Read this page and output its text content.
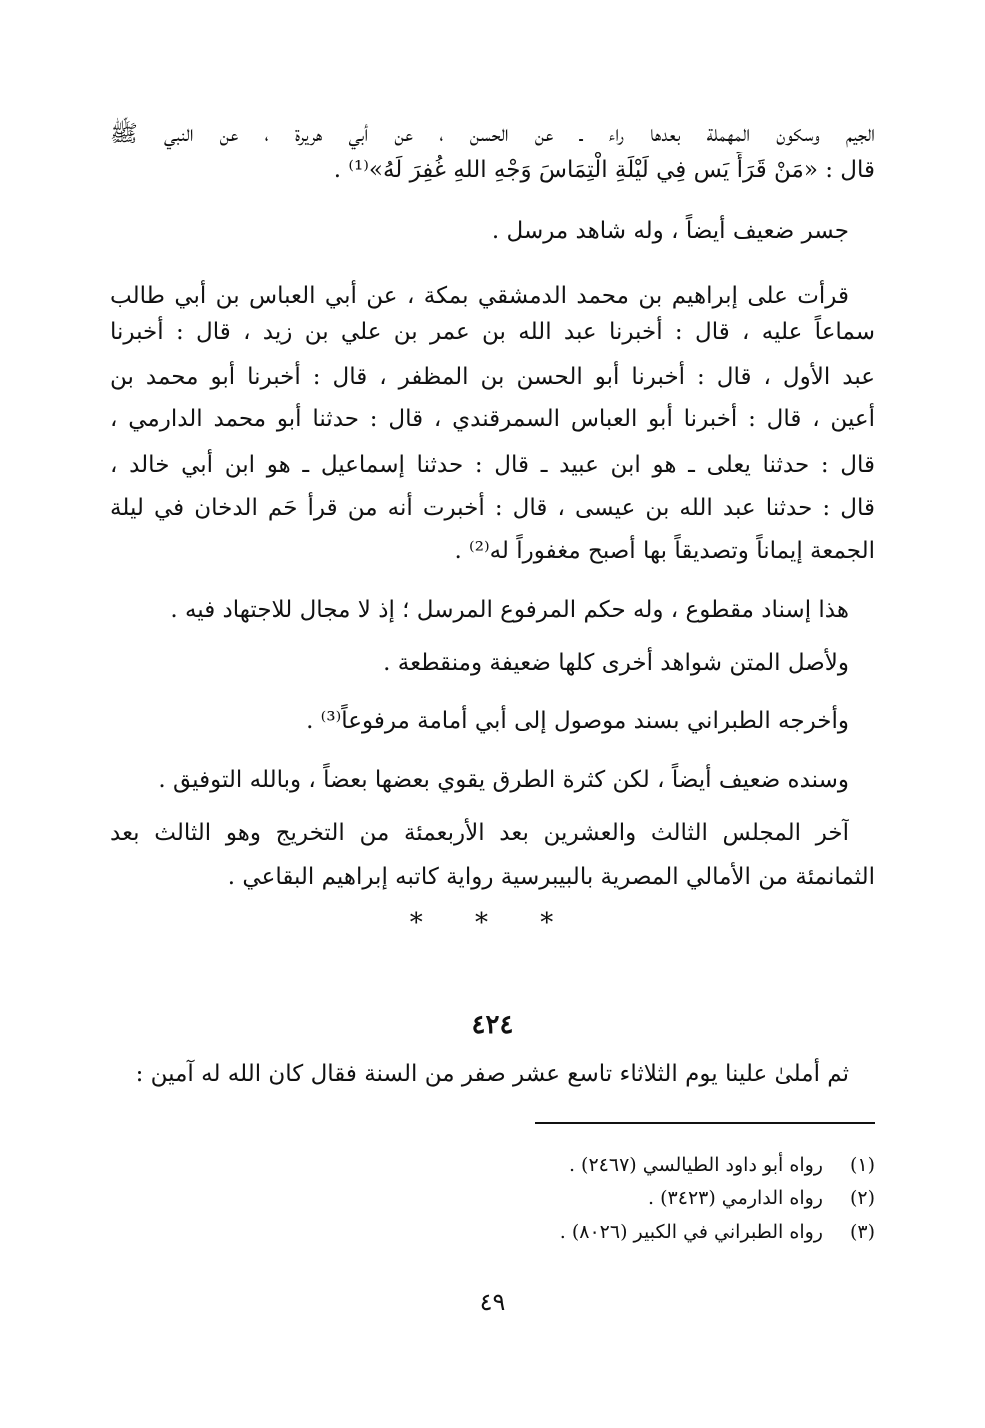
الجيم وسكون المهملة بعدها راء ـ عن الحسن ، عن أبي هريرة ، عن النبي ﷺ
قال : «مَنْ قَرَأَ يَس فِي لَيْلَةِ الْتِمَاسَ وَجْهِ اللهِ غُفِرَ لَهُ»⁽¹⁾ .
جسر ضعيف أيضاً ، وله شاهد مرسل .
قرأت على إبراهيم بن محمد الدمشقي بمكة ، عن أبي العباس بن أبي طالب
سماعاً عليه ، قال : أخبرنا عبد الله بن عمر بن علي بن زيد ، قال : أخبرنا
عبد الأول ، قال : أخبرنا أبو الحسن بن المظفر ، قال : أخبرنا أبو محمد بن
أعين ، قال : أخبرنا أبو العباس السمرقندي ، قال : حدثنا أبو محمد الدارمي ،
قال : حدثنا يعلى ـ هو ابن عبيد ـ قال : حدثنا إسماعيل ـ هو ابن أبي خالد ،
قال : حدثنا عبد الله بن عيسى ، قال : أخبرت أنه من قرأ حَم الدخان في ليلة
الجمعة إيماناً وتصديقاً بها أصبح مغفوراً له⁽²⁾ .
هذا إسناد مقطوع ، وله حكم المرفوع المرسل ؛ إذ لا مجال للاجتهاد فيه .
ولأصل المتن شواهد أخرى كلها ضعيفة ومنقطعة .
وأخرجه الطبراني بسند موصول إلى أبي أمامة مرفوعاً⁽³⁾ .
وسنده ضعيف أيضاً ، لكن كثرة الطرق يقوي بعضها بعضاً ، وبالله التوفيق .
آخر المجلس الثالث والعشرين بعد الأربعمئة من التخريج وهو الثالث بعد
الثمانمئة من الأمالي المصرية بالبيبرسية رواية كاتبه إبراهيم البقاعي .
* * *
٤٢٤
ثم أملىٰ علينا يوم الثلاثاء تاسع عشر صفر من السنة فقال كان الله له آمين :
(١) رواه أبو داود الطيالسي (٢٤٦٧) .
(٢) رواه الدارمي (٣٤٢٣) .
(٣) رواه الطبراني في الكبير (٨٠٢٦) .
٤٩
